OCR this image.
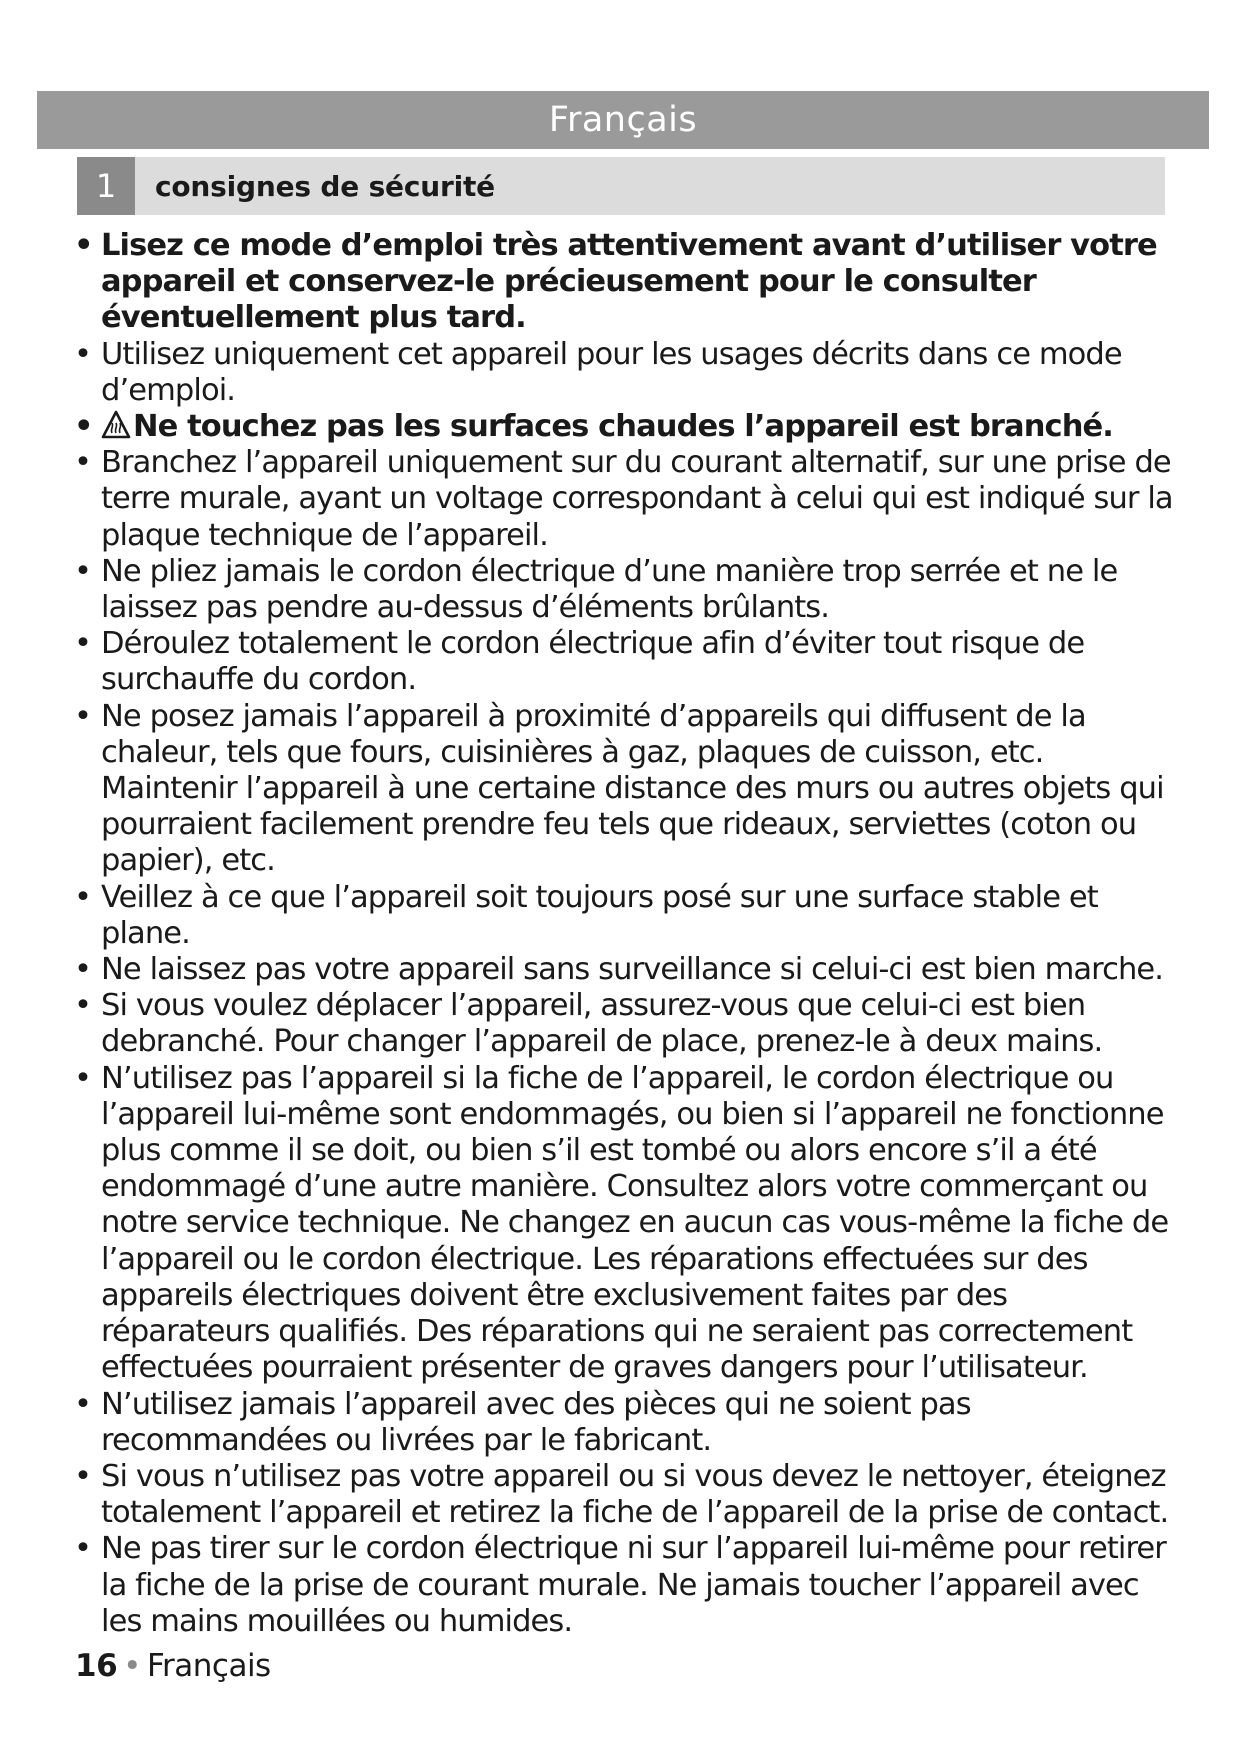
Français
1	consignes de sécurité
• Lisez ce mode d’emploi très attentivement avant d’utiliser votre appareil et conservez-le précieusement pour le consulter éventuellement plus tard.
• Utilisez uniquement cet appareil pour les usages décrits dans ce mode d’emploi.
• Ne touchez pas les surfaces chaudes l’appareil est branché.
• Branchez l’appareil uniquement sur du courant alternatif, sur une prise de terre murale, ayant un voltage correspondant à celui qui est indiqué sur la plaque technique de l’appareil.
• Ne pliez jamais le cordon électrique d’une manière trop serrée et ne le laissez pas pendre au-dessus d’éléments brûlants.
• Déroulez totalement le cordon électrique afin d’éviter tout risque de surchauffe du cordon.
• Ne posez jamais l’appareil à proximité d’appareils qui diffusent de la chaleur, tels que fours, cuisinières à gaz, plaques de cuisson, etc. Maintenir l’appareil à une certaine distance des murs ou autres objets qui pourraient facilement prendre feu tels que rideaux, serviettes (coton ou papier), etc.
• Veillez à ce que l’appareil soit toujours posé sur une surface stable et plane.
• Ne laissez pas votre appareil sans surveillance si celui-ci est bien marche.
• Si vous voulez déplacer l’appareil, assurez-vous que celui-ci est bien debranché. Pour changer l’appareil de place, prenez-le à deux mains.
• N’utilisez pas l’appareil si la fiche de l’appareil, le cordon électrique ou l’appareil lui-même sont endommagés, ou bien si l’appareil ne fonctionne plus comme il se doit, ou bien s’il est tombé ou alors encore s’il a été endommagé d’une autre manière. Consultez alors votre commerçant ou notre service technique. Ne changez en aucun cas vous-même la fiche de l’appareil ou le cordon électrique. Les réparations effectuées sur des appareils électriques doivent être exclusivement faites par des réparateurs qualifiés. Des réparations qui ne seraient pas correctement effectuées pourraient présenter de graves dangers pour l’utilisateur.
• N’utilisez jamais l’appareil avec des pièces qui ne soient pas recommandées ou livrées par le fabricant.
• Si vous n’utilisez pas votre appareil ou si vous devez le nettoyer, éteignez totalement l’appareil et retirez la fiche de l’appareil de la prise de contact.
• Ne pas tirer sur le cordon électrique ni sur l’appareil lui-même pour retirer la fiche de la prise de courant murale. Ne jamais toucher l’appareil avec les mains mouillées ou humides.
16 • Français
